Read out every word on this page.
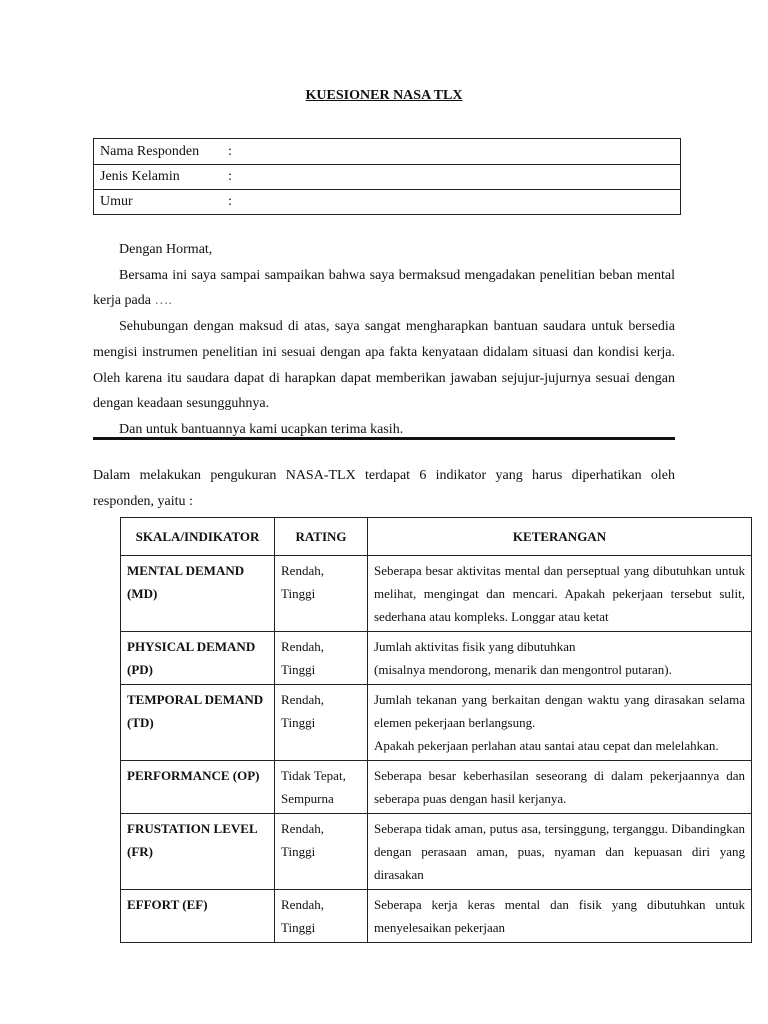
KUESIONER NASA TLX
Nama Responden	:
Jenis Kelamin	:
Umur	:

Dengan Hormat,

Bersama ini saya sampai sampaikan bahwa saya bermaksud mengadakan penelitian beban mental kerja pada ….

Sehubungan dengan maksud di atas, saya sangat mengharapkan bantuan saudara untuk bersedia mengisi instrumen penelitian ini sesuai dengan apa fakta kenyataan didalam situasi dan kondisi kerja. Oleh karena itu saudara dapat di harapkan dapat memberikan jawaban sejujur-jujurnya sesuai dengan dengan keadaan sesungguhnya.

Dan untuk bantuannya kami ucapkan terima kasih.

Dalam melakukan pengukuran NASA-TLX terdapat 6 indikator yang harus diperhatikan oleh responden, yaitu :

SKALA/INDIKATOR	RATING	KETERANGAN
MENTAL DEMAND (MD)	Rendah, Tinggi	Seberapa besar aktivitas mental dan perseptual yang dibutuhkan untuk melihat, mengingat dan mencari. Apakah pekerjaan tersebut sulit, sederhana atau kompleks. Longgar atau ketat

PHYSICAL DEMAND (PD)	Rendah, Tinggi	Jumlah aktivitas fisik yang dibutuhkan
(misalnya mendorong, menarik dan mengontrol putaran).

TEMPORAL DEMAND (TD)	Rendah, Tinggi	Jumlah tekanan yang berkaitan dengan waktu yang dirasakan selama elemen pekerjaan berlangsung.
Apakah pekerjaan perlahan atau santai atau cepat dan melelahkan.

PERFORMANCE (OP)	Tidak Tepat, Sempurna	Seberapa besar keberhasilan seseorang di dalam pekerjaannya dan seberapa puas dengan hasil kerjanya.

FRUSTATION LEVEL (FR)	Rendah, Tinggi	Seberapa tidak aman, putus asa, tersinggung, terganggu. Dibandingkan dengan perasaan aman, puas, nyaman dan kepuasan diri yang dirasakan

EFFORT (EF)	Rendah, Tinggi	Seberapa kerja keras mental dan fisik yang dibutuhkan untuk menyelesaikan pekerjaan
